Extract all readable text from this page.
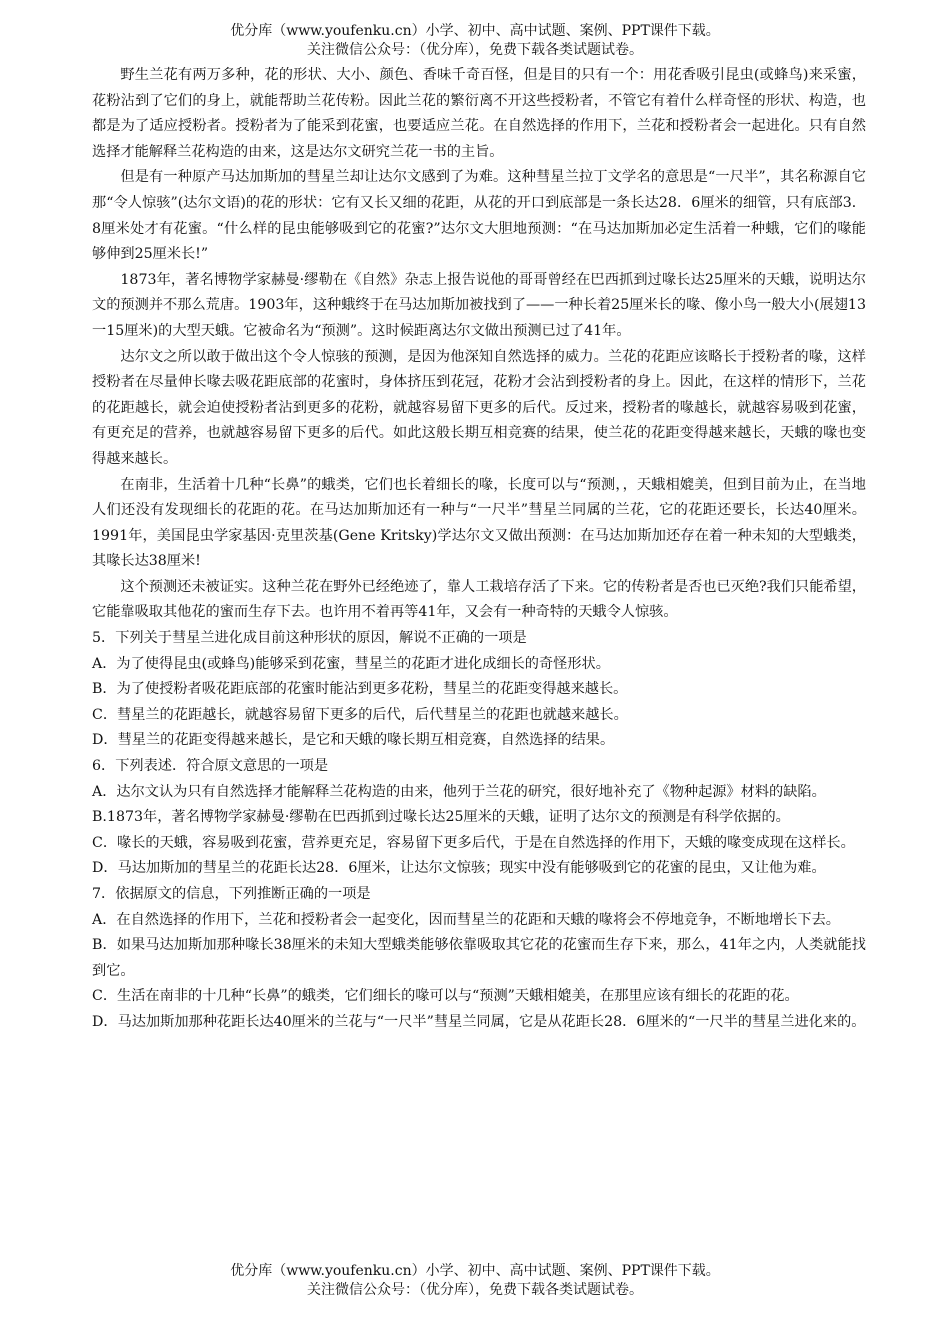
优分库（www.youfenku.cn）小学、初中、高中试题、案例、PPT课件下载。
关注微信公众号：（优分库），免费下载各类试题试卷。

野生兰花有两万多种，花的形状、大小、颜色、香味千奇百怪，但是目的只有一个：用花香吸引昆虫(或蜂鸟)来采蜜，花粉沾到了它们的身上，就能帮助兰花传粉。因此兰花的繁衍离不开这些授粉者，不管它有着什么样奇怪的形状、构造，也都是为了适应授粉者。授粉者为了能采到花蜜，也要适应兰花。在自然选择的作用下，兰花和授粉者会一起进化。只有自然选择才能解释兰花构造的由来，这是达尔文研究兰花一书的主旨。

但是有一种原产马达加斯加的彗星兰却让达尔文感到了为难。这种彗星兰拉丁文学名的意思是“一尺半”，其名称源自它那“令人惊骇”(达尔文语)的花的形状：它有又长又细的花距，从花的开口到底部是一条长达28．6厘米的细管，只有底部3．8厘米处才有花蜜。“什么样的昆虫能够吸到它的花蜜?”达尔文大胆地预测：“在马达加斯加必定生活着一种蛾，它们的喙能够伸到25厘米长!”

1873年，著名博物学家赫曼·缪勒在《自然》杂志上报告说他的哥哥曾经在巴西抓到过喙长达25厘米的天蛾，说明达尔文的预测并不那么荒唐。1903年，这种蛾终于在马达加斯加被找到了——一种长着25厘米长的喙、像小鸟一般大小(展翅13一15厘米)的大型天蛾。它被命名为“预测”。这时候距离达尔文做出预测已过了41年。

达尔文之所以敢于做出这个令人惊骇的预测，是因为他深知自然选择的威力。兰花的花距应该略长于授粉者的喙，这样授粉者在尽量伸长喙去吸花距底部的花蜜时，身体挤压到花冠，花粉才会沾到授粉者的身上。因此，在这样的情形下，兰花的花距越长，就会迫使授粉者沾到更多的花粉，就越容易留下更多的后代。反过来，授粉者的喙越长，就越容易吸到花蜜，有更充足的营养，也就越容易留下更多的后代。如此这般长期互相竞赛的结果，使兰花的花距变得越来越长，天蛾的喙也变得越来越长。

在南非，生活着十几种“长鼻”的蛾类，它们也长着细长的喙，长度可以与“预测，，天蛾相媲美，但到目前为止，在当地人们还没有发现细长的花距的花。在马达加斯加还有一种与“一尺半”彗星兰同属的兰花，它的花距还要长，长达40厘米。1991年，美国昆虫学家基因·克里茨基(Gene Kritsky)学达尔文又做出预测：在马达加斯加还存在着一种未知的大型蛾类，其喙长达38厘米!

这个预测还未被证实。这种兰花在野外已经绝迹了，靠人工栽培存活了下来。它的传粉者是否也已灭绝?我们只能希望，它能靠吸取其他花的蜜而生存下去。也许用不着再等41年，又会有一种奇特的天蛾令人惊骇。

5．下列关于彗星兰进化成目前这种形状的原因，解说不正确的一项是

A．为了使得昆虫(或蜂鸟)能够采到花蜜，彗星兰的花距才进化成细长的奇怪形状。

B．为了使授粉者吸花距底部的花蜜时能沾到更多花粉，彗星兰的花距变得越来越长。

C．彗星兰的花距越长，就越容易留下更多的后代，后代彗星兰的花距也就越来越长。

D．彗星兰的花距变得越来越长，是它和天蛾的喙长期互相竞赛，自然选择的结果。

6．下列表述．符合原文意思的一项是

A．达尔文认为只有自然选择才能解释兰花构造的由来，他列于兰花的研究，很好地补充了《物种起源》材料的缺陷。

B.1873年，著名博物学家赫曼·缪勒在巴西抓到过喙长达25厘米的天蛾，证明了达尔文的预测是有科学依据的。

C．喙长的天蛾，容易吸到花蜜，营养更充足，容易留下更多后代，于是在自然选择的作用下，天蛾的喙变成现在这样长。

D．马达加斯加的彗星兰的花距长达28．6厘米，让达尔文惊骇；现实中没有能够吸到它的花蜜的昆虫，又让他为难。

7．依据原文的信息，下列推断正确的一项是

A．在自然选择的作用下，兰花和授粉者会一起变化，因而彗星兰的花距和天蛾的喙将会不停地竞争，不断地增长下去。

B．如果马达加斯加那种喙长38厘米的未知大型蛾类能够依靠吸取其它花的花蜜而生存下来，那么，41年之内，人类就能找到它。

C．生活在南非的十几种“长鼻”的蛾类，它们细长的喙可以与“预测”天蛾相媲美，在那里应该有细长的花距的花。

D．马达加斯加那种花距长达40厘米的兰花与“一尺半”彗星兰同属，它是从花距长28．6厘米的“一尺半的彗星兰进化来的。

优分库（www.youfenku.cn）小学、初中、高中试题、案例、PPT课件下载。
关注微信公众号：（优分库），免费下载各类试题试卷。
